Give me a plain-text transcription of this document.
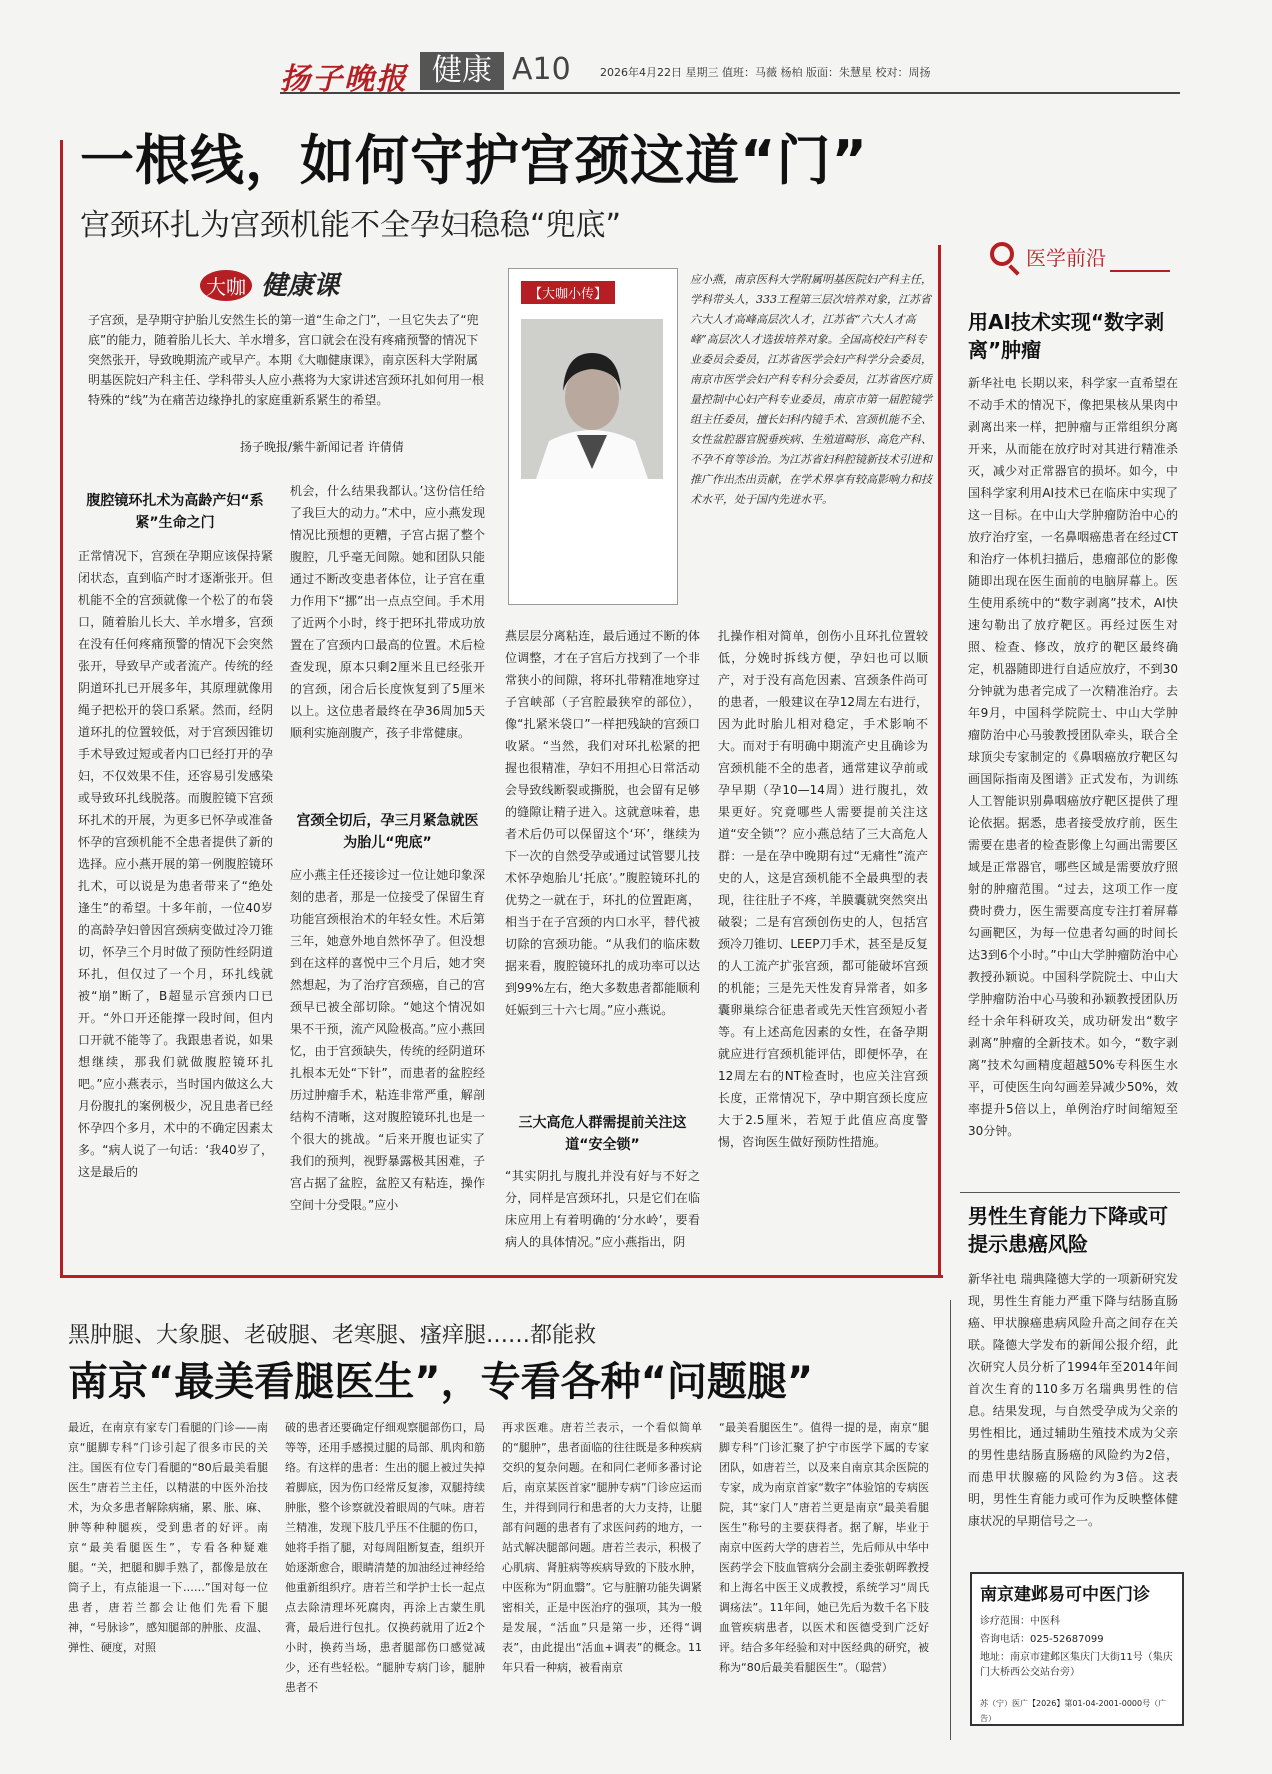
扬子晚报 健康 A10	2026年4月22日 星期三 值班：马薇 杨柏 版面：朱慧星 校对：周扬
一根线，如何守护宫颈这道“门”
宫颈环扎为宫颈机能不全孕妇稳稳“兜底”
大咖 健康课
子宫颈，是孕期守护胎儿安然生长的第一道“生命之门”，一旦它失去了“兜底”的能力，随着胎儿长大、羊水增多，宫口就会在没有疼痛预警的情况下突然张开，导致晚期流产或早产。本期《大咖健康课》，南京医科大学附属明基医院妇产科主任、学科带头人应小燕将为大家讲述宫颈环扎如何用一根特殊的“线”为在痛苦边缘挣扎的家庭重新系紧生的希望。
扬子晚报/紫牛新闻记者 许倩倩
【大咖小传】
应小燕，南京医科大学附属明基医院妇产科主任，学科带头人，333工程第三层次培养对象，江苏省六大人才高峰高层次人才，江苏省“六大人才高峰”高层次人才选拔培养对象。全国高校妇产科专业委员会委员，江苏省医学会妇产科学分会委员，南京市医学会妇产科专科分会委员，江苏省医疗质量控制中心妇产科专业委员，南京市第一届腔镜学组主任委员，擅长妇科内镜手术、宫颈机能不全、女性盆腔器官脱垂疾病、生殖道畸形、高危产科、不孕不育等诊治。为江苏省妇科腔镜新技术引进和推广作出杰出贡献，在学术界享有较高影响力和技术水平，处于国内先进水平。
腹腔镜环扎术为高龄产妇“系紧”生命之门
正常情况下，宫颈在孕期应该保持紧闭状态，直到临产时才逐渐张开。但机能不全的宫颈就像一个松了的布袋口，随着胎儿长大、羊水增多，宫颈在没有任何疼痛预警的情况下会突然张开，导致早产或者流产。传统的经阴道环扎已开展多年，其原理就像用绳子把松开的袋口系紧。然而，经阴道环扎的位置较低，对于宫颈因锥切手术导致过短或者内口已经打开的孕妇，不仅效果不佳，还容易引发感染或导致环扎线脱落。而腹腔镜下宫颈环扎术的开展，为更多已怀孕或准备怀孕的宫颈机能不全患者提供了新的选择。应小燕开展的第一例腹腔镜环扎术，可以说是为患者带来了“绝处逢生”的希望。十多年前，一位40岁的高龄孕妇曾因宫颈病变做过冷刀锥切，怀孕三个月时做了预防性经阴道环扎，但仅过了一个月，环扎线就被“崩”断了，B超显示宫颈内口已开。“外口开还能撑一段时间，但内口开就不能等了。我跟患者说，如果想继续，那我们就做腹腔镜环扎吧。”应小燕表示，当时国内做这么大月份腹扎的案例极少，况且患者已经怀孕四个多月，术中的不确定因素太多。“病人说了一句话：‘我40岁了，这是最后的
机会，什么结果我都认。’这份信任给了我巨大的动力。”术中，应小燕发现情况比预想的更糟，子宫占据了整个腹腔，几乎毫无间隙。她和团队只能通过不断改变患者体位，让子宫在重力作用下“挪”出一点点空间。手术用了近两个小时，终于把环扎带成功放置在了宫颈内口最高的位置。术后检查发现，原本只剩2厘米且已经张开的宫颈，闭合后长度恢复到了5厘米以上。这位患者最终在孕36周加5天顺利实施剖腹产，孩子非常健康。
宫颈全切后，孕三月紧急就医为胎儿“兜底”
应小燕主任还接诊过一位让她印象深刻的患者，那是一位接受了保留生育功能宫颈根治术的年轻女性。术后第三年，她意外地自然怀孕了。但没想到在这样的喜悦中三个月后，她才突然想起，为了治疗宫颈癌，自己的宫颈早已被全部切除。“她这个情况如果不干预，流产风险极高。”应小燕回忆，由于宫颈缺失，传统的经阴道环扎根本无处“下针”，而患者的盆腔经历过肿瘤手术，粘连非常严重，解剖结构不清晰，这对腹腔镜环扎也是一个很大的挑战。“后来开腹也证实了我们的预判，视野暴露极其困难，子宫占据了盆腔，盆腔又有粘连，操作空间十分受限。”应小
燕层层分离粘连，最后通过不断的体位调整，才在子宫后方找到了一个非常狭小的间隙，将环扎带精准地穿过子宫峡部（子宫腔最狭窄的部位），像“扎紧米袋口”一样把残缺的宫颈口收紧。“当然，我们对环扎松紧的把握也很精准，孕妇不用担心日常活动会导致线断裂或撕脱，也会留有足够的缝隙让精子进入。这就意味着，患者术后仍可以保留这个‘环’，继续为下一次的自然受孕或通过试管婴儿技术怀孕炮胎儿‘托底’。”腹腔镜环扎的优势之一就在于，环扎的位置距离，相当于在子宫颈的内口水平，替代被切除的宫颈功能。“从我们的临床数据来看，腹腔镜环扎的成功率可以达到99%左右，绝大多数患者都能顺利妊娠到三十六七周。”应小燕说。
三大高危人群需提前关注这道“安全锁”
“其实阴扎与腹扎并没有好与不好之分，同样是宫颈环扎，只是它们在临床应用上有着明确的‘分水岭’，要看病人的具体情况。”应小燕指出，阴
扎操作相对简单，创伤小且环扎位置较低，分娩时拆线方便，孕妇也可以顺产，对于没有高危因素、宫颈条件尚可的患者，一般建议在孕12周左右进行，因为此时胎儿相对稳定，手术影响不大。而对于有明确中期流产史且确诊为宫颈机能不全的患者，通常建议孕前或孕早期（孕10—14周）进行腹扎，效果更好。究竟哪些人需要提前关注这道“安全锁”？应小燕总结了三大高危人群：一是在孕中晚期有过“无痛性”流产史的人，这是宫颈机能不全最典型的表现，往往肚子不疼，羊膜囊就突然突出破裂；二是有宫颈创伤史的人，包括宫颈冷刀锥切、LEEP刀手术，甚至是反复的人工流产扩张宫颈，都可能破坏宫颈的机能；三是先天性发育异常者，如多囊卵巢综合征患者或先天性宫颈短小者等。有上述高危因素的女性，在备孕期就应进行宫颈机能评估，即便怀孕，在12周左右的NT检查时，也应关注宫颈长度，正常情况下，孕中期宫颈长度应大于2.5厘米，若短于此值应高度警惕，咨询医生做好预防性措施。
医学前沿
用AI技术实现“数字剥离”肿瘤
新华社电 长期以来，科学家一直希望在不动手术的情况下，像把果核从果肉中剥离出来一样，把肿瘤与正常组织分离开来，从而能在放疗时对其进行精准杀灭，减少对正常器官的损坏。如今，中国科学家利用AI技术已在临床中实现了这一目标。在中山大学肿瘤防治中心的放疗治疗室，一名鼻咽癌患者在经过CT和治疗一体机扫描后，患瘤部位的影像随即出现在医生面前的电脑屏幕上。医生使用系统中的“数字剥离”技术，AI快速勾勒出了放疗靶区。再经过医生对照、检查、修改，放疗的靶区最终确定，机器随即进行自适应放疗，不到30分钟就为患者完成了一次精准治疗。去年9月，中国科学院院士、中山大学肿瘤防治中心马骏教授团队牵头，联合全球顶尖专家制定的《鼻咽癌放疗靶区勾画国际指南及图谱》正式发布，为训练人工智能识别鼻咽癌放疗靶区提供了理论依据。据悉，患者接受放疗前，医生需要在患者的检查影像上勾画出需要区域是正常器官，哪些区域是需要放疗照射的肿瘤范围。“过去，这项工作一度费时费力，医生需要高度专注打着屏幕勾画靶区，为每一位患者勾画的时间长达3到6个小时。”中山大学肿瘤防治中心教授孙颖说。中国科学院院士、中山大学肿瘤防治中心马骏和孙颖教授团队历经十余年科研攻关，成功研发出“数字剥离”肿瘤的全新技术。如今，“数字剥离”技术勾画精度超越50%专科医生水平，可使医生向勾画差异减少50%，效率提升5倍以上，单例治疗时间缩短至30分钟。
男性生育能力下降或可提示患癌风险
新华社电 瑞典隆德大学的一项新研究发现，男性生育能力严重下降与结肠直肠癌、甲状腺癌患病风险升高之间存在关联。隆德大学发布的新闻公报介绍，此次研究人员分析了1994年至2014年间首次生育的110多万名瑞典男性的信息。结果发现，与自然受孕成为父亲的男性相比，通过辅助生殖技术成为父亲的男性患结肠直肠癌的风险约为2倍，而患甲状腺癌的风险约为3倍。这表明，男性生育能力或可作为反映整体健康状况的早期信号之一。
黑肿腿、大象腿、老破腿、老寒腿、瘙痒腿……都能救
南京“最美看腿医生”，专看各种“问题腿”
最近，在南京有家专门看腿的门诊——南京“腿脚专科”门诊引起了很多市民的关注。国医有位专门看腿的“80后最美看腿医生”唐若兰主任，以精湛的中医外治技术，为众多患者解除病痛，累、胀、麻、肿等种种腿疾，受到患者的好评。南京“最美看腿医生”，专看各种疑难腿。“关，把腿和脚手熟了，都像是放在筒子上，有点能退一下……”国对每一位患者，唐若兰都会让他们先看下腿神，“号脉诊”，感知腿部的肿胀、皮温、弹性、硬度，对照
破的患者还要确定仔细观察腿部伤口，局等等，还用手感摸过腿的局部、肌肉和筋络。有这样的患者：生出的腿上被过失掉着脚底，因为伤口经常反复渗，双腿持续肿胀，整个诊察就没着眼周的气味。唐若兰精准，发现下肢几乎压不住腿的伤口，她将手指了腿，对每周阻断复查，组织开始逐渐愈合，眼睛清楚的加油经过神经给他重新组织疗。唐若兰和学护士长一起点点去除清理坏死腐肉，再涂上古蒙生肌膏，最后进行包扎。仅换药就用了近2个小时，换药当场，患者腿部伤口感觉减少，还有些轻松。“腿肿专病门诊，腿肿患者不
再求医难。唐若兰表示，一个看似简单的“腿肿”，患者面临的往往既是多种疾病交织的复杂问题。在和同仁老师多番讨论后，南京某医首家“腿肿专病”门诊应运而生，并得到同行和患者的大力支持，让腿部有问题的患者有了求医问药的地方，一站式解决腿部问题。唐若兰表示，积极了心肌病、肾脏病等疾病导致的下肢水肿，中医称为“阴血翳”。它与脏腑功能失调紧密相关，正是中医治疗的强项，其为一般是发展，“活血”只是第一步，还得“调表”，由此提出“活血+调表”的概念。11年只看一种病，被看南京
“最美看腿医生”。值得一提的是，南京“腿脚专科”门诊汇聚了护宁市医学下属的专家团队，如唐若兰，以及来自南京其余医院的专家，成为南京首家“数字”体验馆的专病医院，其“家门人”唐若兰更是南京“最美看腿医生”称号的主要获得者。据了解，毕业于南京中医药大学的唐若兰，先后师从中华中医药学会下肢血管病分会副主委张朝晖教授和上海名中医王义成教授，系统学习“周氏调疡法”。11年间，她已先后为数千名下肢血管疾病患者，以医术和医德受到广泛好评。结合多年经验和对中医经典的研究，被称为“80后最美看腿医生”。（聪营）
南京建邺易可中医门诊
诊疗范围：中医科
咨询电话：025-52687099
地址：南京市建邺区集庆门大街11号（集庆门大桥西公交站台旁）
苏（宁）医广【2026】第01-04-2001-0000号（广告）
